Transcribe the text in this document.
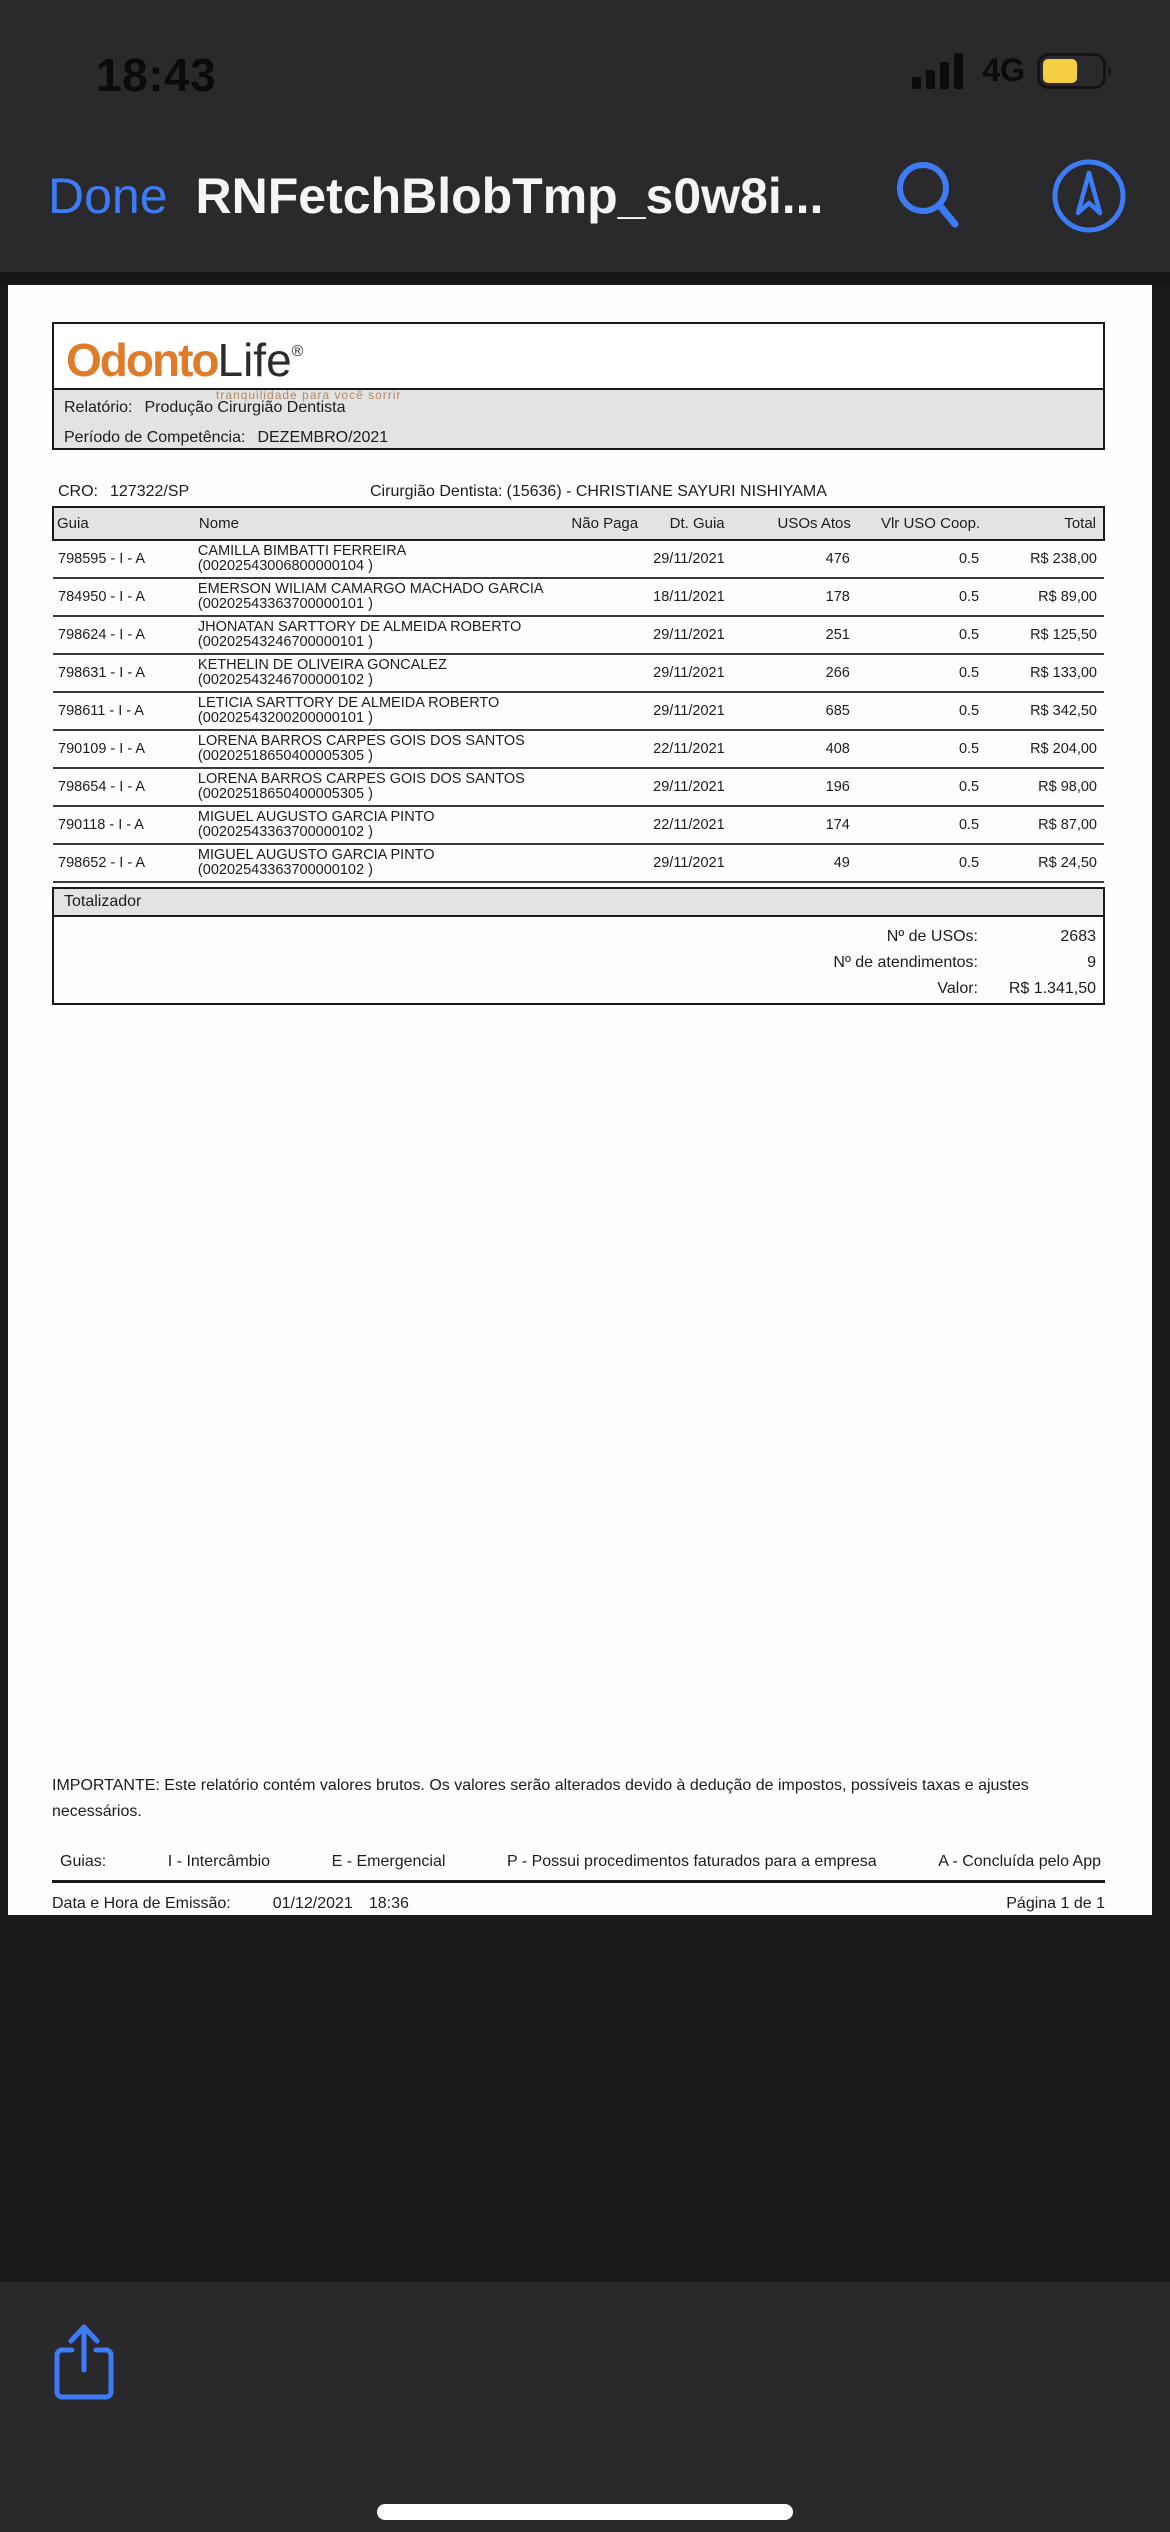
18:43	4G
Done RNFetchBlobTmp_s0w8i...
OdontoLife®
tranquilidade para você sorrir
Relatório: Produção Cirurgião Dentista
Período de Competência: DEZEMBRO/2021
CRO: 127322/SP	Cirurgião Dentista: (15636) - CHRISTIANE SAYURI NISHIYAMA
Guia	Nome	Não Paga	Dt. Guia	USOs Atos	Vlr USO Coop.	Total
798595 - I - A	CAMILLA BIMBATTI FERREIRA (00202543006800000104 )		29/11/2021	476	0.5	R$ 238,00
784950 - I - A	EMERSON WILIAM CAMARGO MACHADO GARCIA
(00202543363700000101 )		18/11/2021	178	0.5	R$ 89,00
798624 - I - A	JHONATAN SARTTORY DE ALMEIDA ROBERTO
(00202543246700000101 )		29/11/2021	251	0.5	R$ 125,50
798631 - I - A	KETHELIN DE OLIVEIRA GONCALEZ
(00202543246700000102 )		29/11/2021	266	0.5	R$ 133,00
798611 - I - A	LETICIA SARTTORY DE ALMEIDA ROBERTO
(00202543200200000101 )		29/11/2021	685	0.5	R$ 342,50
790109 - I - A	LORENA BARROS CARPES GOIS DOS SANTOS
(00202518650400005305 )		22/11/2021	408	0.5	R$ 204,00
798654 - I - A	LORENA BARROS CARPES GOIS DOS SANTOS
(00202518650400005305 )		29/11/2021	196	0.5	R$ 98,00
790118 - I - A	MIGUEL AUGUSTO GARCIA PINTO
(00202543363700000102 )		22/11/2021	174	0.5	R$ 87,00
798652 - I - A	MIGUEL AUGUSTO GARCIA PINTO
(00202543363700000102 )		29/11/2021	49	0.5	R$ 24,50
Totalizador
Nº de USOs:	2683
Nº de atendimentos:	9
Valor:	R$ 1.341,50
IMPORTANTE: Este relatório contém valores brutos. Os valores serão alterados devido à dedução de impostos, possíveis taxas e ajustes necessários.
Guias:	I - Intercâmbio	E - Emergencial	P - Possui procedimentos faturados para a empresa	A - Concluída pelo App
Data e Hora de Emissão:	01/12/2021 18:36	Página 1 de 1
